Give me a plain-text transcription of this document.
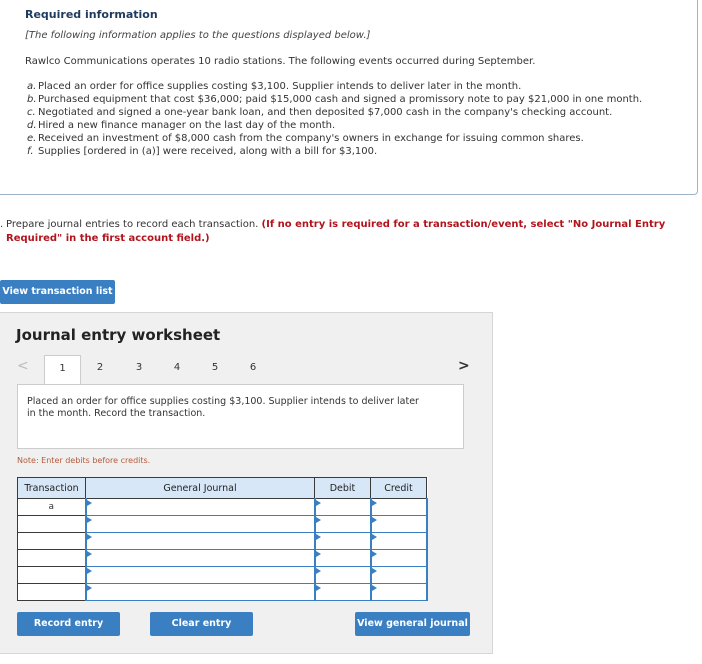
Required information
[The following information applies to the questions displayed below.]
Rawlco Communications operates 10 radio stations. The following events occurred during September.
a. Placed an order for office supplies costing $3,100. Supplier intends to deliver later in the month.
b. Purchased equipment that cost $36,000; paid $15,000 cash and signed a promissory note to pay $21,000 in one month.
c. Negotiated and signed a one-year bank loan, and then deposited $7,000 cash in the company's checking account.
d. Hired a new finance manager on the last day of the month.
e. Received an investment of $8,000 cash from the company's owners in exchange for issuing common shares.
f. Supplies [ordered in (a)] were received, along with a bill for $3,100.
. Prepare journal entries to record each transaction. (If no entry is required for a transaction/event, select "No Journal Entry Required" in the first account field.)
View transaction list
Journal entry worksheet
<	>
1	2	3	4	5	6
Placed an order for office supplies costing $3,100. Supplier intends to deliver later in the month. Record the transaction.
Note: Enter debits before credits.
Transaction	General Journal	Debit	Credit
a			

Record entry	Clear entry	View general journal
